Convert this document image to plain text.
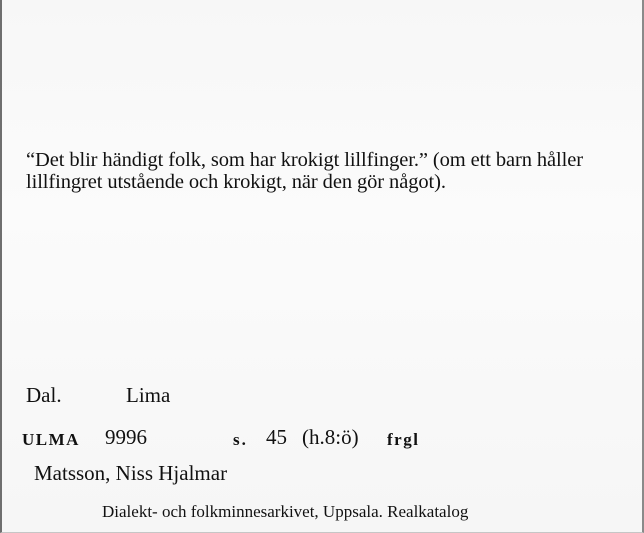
“Det blir händigt folk, som har krokigt lillfinger.” (om ett barn håller lillfingret utstående och krokigt, när den gör något).
Dal.	Lima
ULMA 9996	s. 45 (h.8:ö) frgl
Matsson, Niss Hjalmar
Dialekt- och folkminnesarkivet, Uppsala. Realkatalog
